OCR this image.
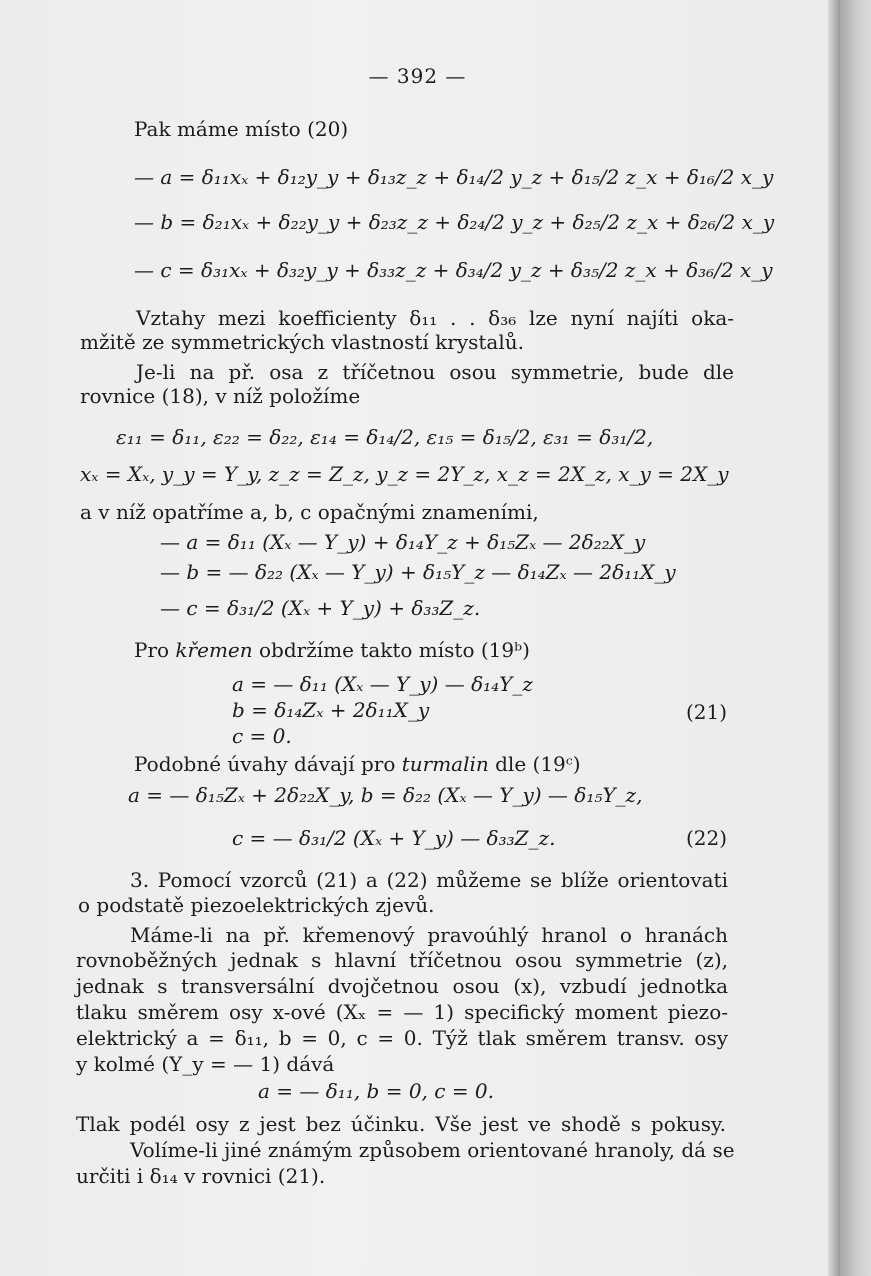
— 392 —
Pak máme místo (20)
— a = δ₁₁xₓ + δ₁₂y_y + δ₁₃z_z + δ₁₄/2 y_z + δ₁₅/2 z_x + δ₁₆/2 x_y
— b = δ₂₁xₓ + δ₂₂y_y + δ₂₃z_z + δ₂₄/2 y_z + δ₂₅/2 z_x + δ₂₆/2 x_y
— c = δ₃₁xₓ + δ₃₂y_y + δ₃₃z_z + δ₃₄/2 y_z + δ₃₅/2 z_x + δ₃₆/2 x_y
Vztahy mezi koefficienty δ₁₁ . . δ₃₆ lze nyní najíti oka-
mžitě ze symmetrických vlastností krystalů.
Je-li na př. osa z tříčetnou osou symmetrie, bude dle
rovnice (18), v níž položíme
ε₁₁ = δ₁₁, ε₂₂ = δ₂₂, ε₁₄ = δ₁₄/2, ε₁₅ = δ₁₅/2, ε₃₁ = δ₃₁/2,
xₓ = Xₓ, y_y = Y_y, z_z = Z_z, y_z = 2Y_z, x_z = 2X_z, x_y = 2X_y
a v níž opatříme a, b, c opačnými znameními,
— a = δ₁₁ (Xₓ — Y_y) + δ₁₄Y_z + δ₁₅Zₓ — 2δ₂₂X_y
— b = — δ₂₂ (Xₓ — Y_y) + δ₁₅Y_z — δ₁₄Zₓ — 2δ₁₁X_y
— c = δ₃₁/2 (Xₓ + Y_y) + δ₃₃Z_z.
Pro křemen obdržíme takto místo (19ᵇ)
a = — δ₁₁ (Xₓ — Y_y) — δ₁₄Y_z
b = δ₁₄Zₓ + 2δ₁₁X_y
c = 0.
(21)
Podobné úvahy dávají pro turmalin dle (19ᶜ)
a = — δ₁₅Zₓ + 2δ₂₂X_y, b = δ₂₂ (Xₓ — Y_y) — δ₁₅Y_z,
c = — δ₃₁/2 (Xₓ + Y_y) — δ₃₃Z_z.	(22)
3. Pomocí vzorců (21) a (22) můžeme se blíže orientovati
o podstatě piezoelektrických zjevů.
Máme-li na př. křemenový pravoúhlý hranol o hranách
rovnoběžných jednak s hlavní tříčetnou osou symmetrie (z),
jednak s transversální dvojčetnou osou (x), vzbudí jednotka
tlaku směrem osy x-ové (Xₓ = — 1) specifický moment piezo-
elektrický a = δ₁₁, b = 0, c = 0. Týž tlak směrem transv. osy
y kolmé (Y_y = — 1) dává
a = — δ₁₁, b = 0, c = 0.
Tlak podél osy z jest bez účinku. Vše jest ve shodě s pokusy.
Volíme-li jiné známým způsobem orientované hranoly, dá se
určiti i δ₁₄ v rovnici (21).
